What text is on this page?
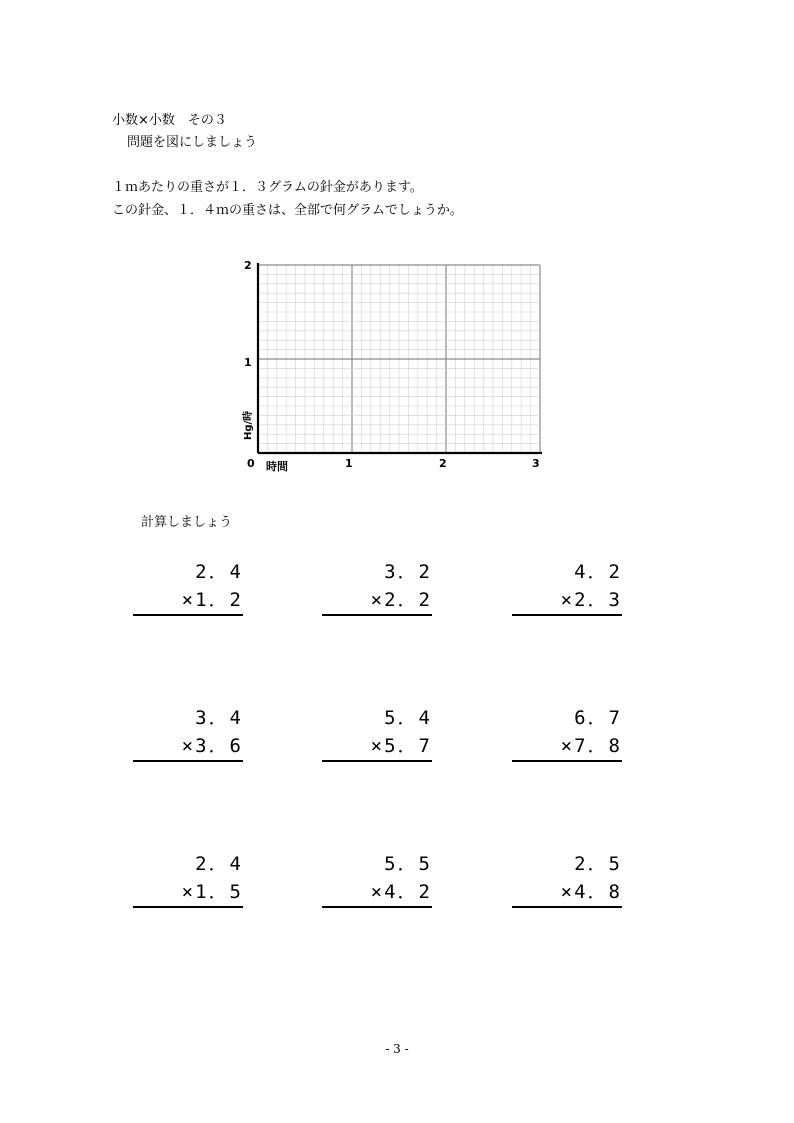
小数×小数　その３
問題を図にしましょう
１ｍあたりの重さが１．３グラムの針金があります。
この針金、１．４ｍの重さは、全部で何グラムでしょうか。
2
1
0	1	2	3
時間
Hg/時
計算しましょう
2．4
×1．2
3．2
×2．2
4．2
×2．3
3．4
×3．6
5．4
×5．7
6．7
×7．8
2．4
×1．5
5．5
×4．2
2．5
×4．8
- 3 -
